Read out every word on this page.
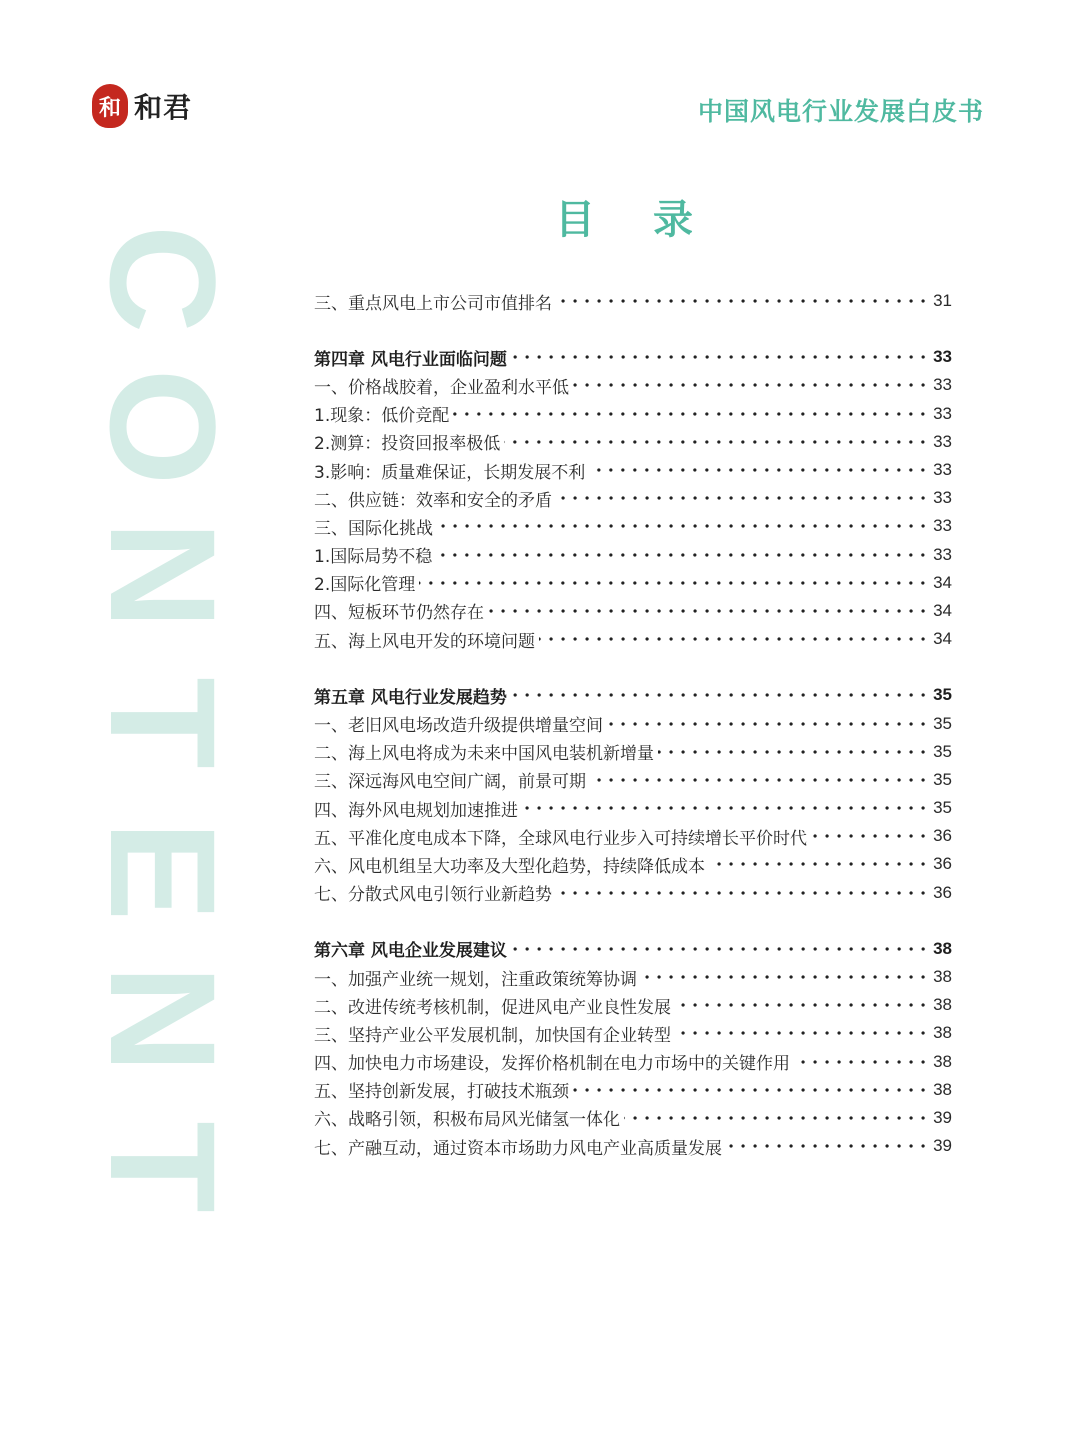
和 和君	中国风电行业发展白皮书
C
O
N
T
E
N
T
目 录
三、重点风电上市公司市值排名	31
第四章 风电行业面临问题	33
一、价格战胶着，企业盈利水平低	33
1.现象：低价竞配	33
2.测算：投资回报率极低	33
3.影响：质量难保证，长期发展不利	33
二、供应链：效率和安全的矛盾	33
三、国际化挑战	33
1.国际局势不稳	33
2.国际化管理	34
四、短板环节仍然存在	34
五、海上风电开发的环境问题	34
第五章 风电行业发展趋势	35
一、老旧风电场改造升级提供增量空间	35
二、海上风电将成为未来中国风电装机新增量	35
三、深远海风电空间广阔，前景可期	35
四、海外风电规划加速推进	35
五、平准化度电成本下降，全球风电行业步入可持续增长平价时代	36
六、风电机组呈大功率及大型化趋势，持续降低成本	36
七、分散式风电引领行业新趋势	36
第六章 风电企业发展建议	38
一、加强产业统一规划，注重政策统筹协调	38
二、改进传统考核机制，促进风电产业良性发展	38
三、坚持产业公平发展机制，加快国有企业转型	38
四、加快电力市场建设，发挥价格机制在电力市场中的关键作用	38
五、坚持创新发展，打破技术瓶颈	38
六、战略引领，积极布局风光储氢一体化	39
七、产融互动，通过资本市场助力风电产业高质量发展	39
